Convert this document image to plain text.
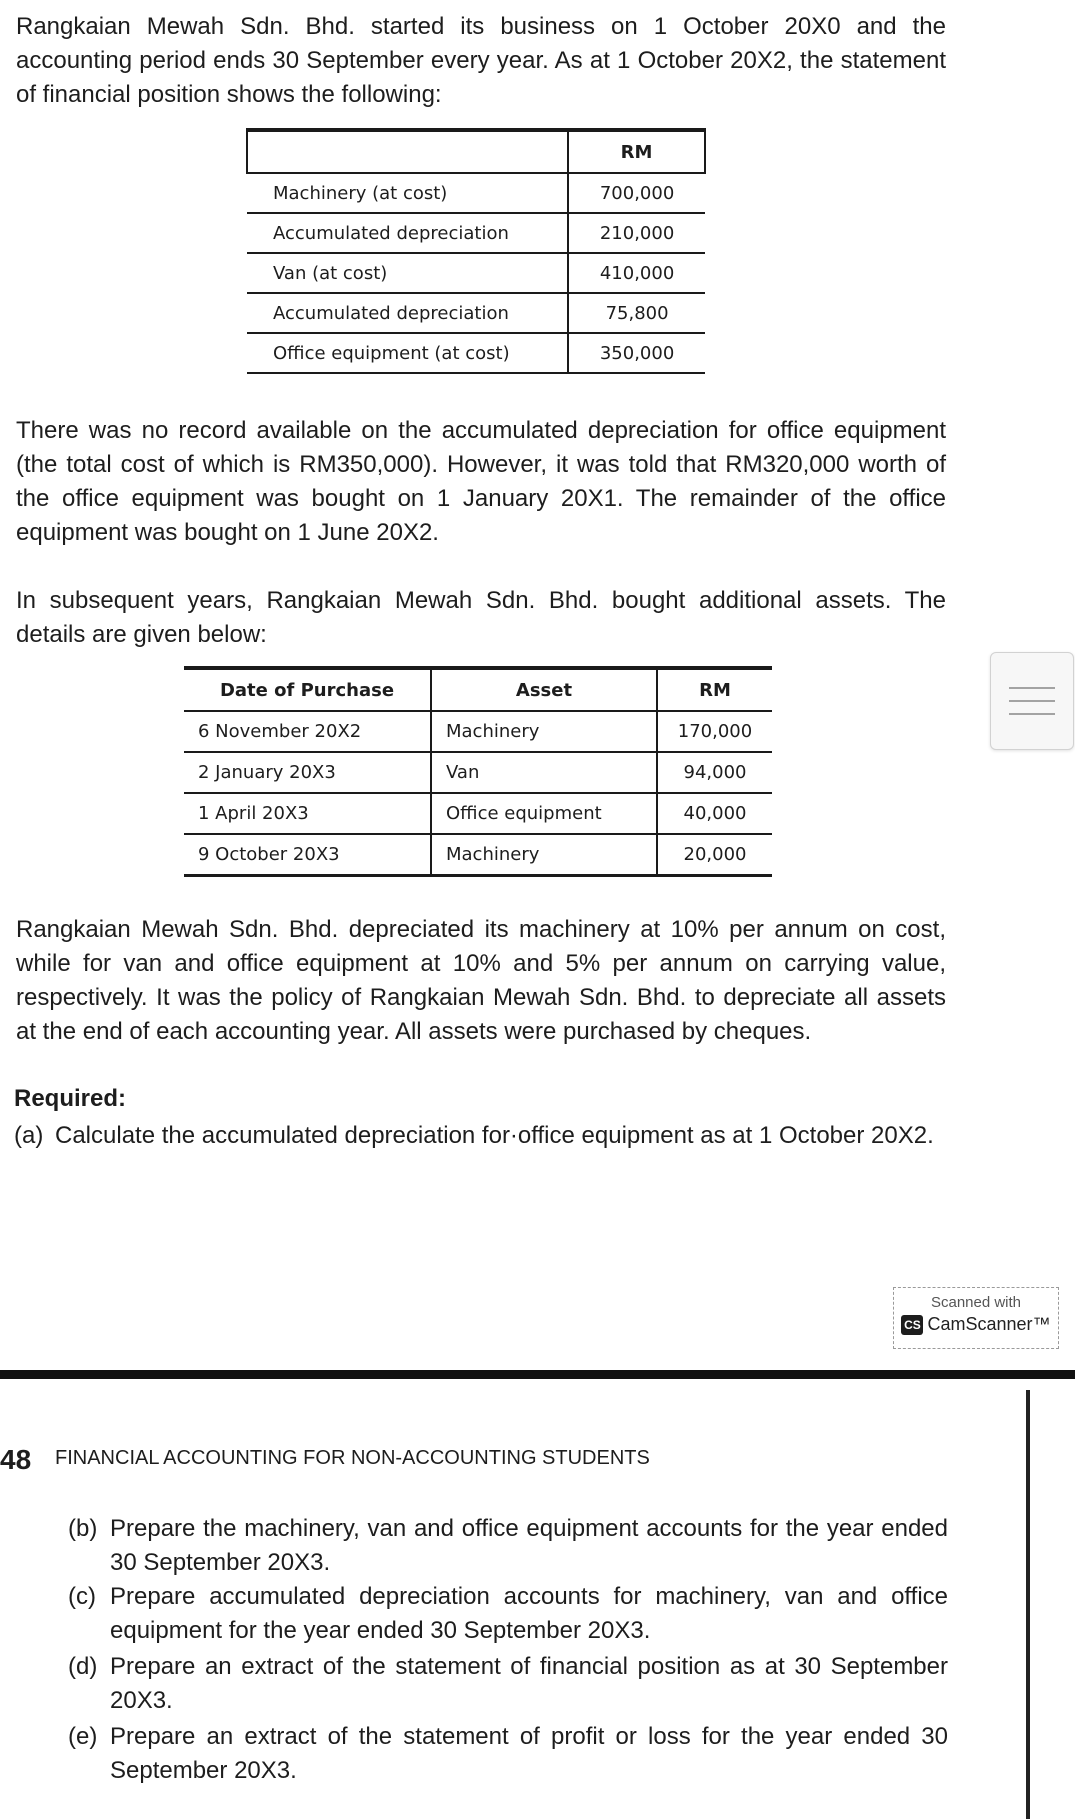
Rangkaian Mewah Sdn. Bhd. started its business on 1 October 20X0 and the accounting period ends 30 September every year. As at 1 October 20X2, the statement of financial position shows the following:

	RM
Machinery (at cost)	700,000
Accumulated depreciation	210,000
Van (at cost)	410,000
Accumulated depreciation	75,800
Office equipment (at cost)	350,000

There was no record available on the accumulated depreciation for office equipment (the total cost of which is RM350,000). However, it was told that RM320,000 worth of the office equipment was bought on 1 January 20X1. The remainder of the office equipment was bought on 1 June 20X2.

In subsequent years, Rangkaian Mewah Sdn. Bhd. bought additional assets. The details are given below:

Date of Purchase	Asset	RM
6 November 20X2	Machinery	170,000
2 January 20X3	Van	94,000
1 April 20X3	Office equipment	40,000
9 October 20X3	Machinery	20,000

Rangkaian Mewah Sdn. Bhd. depreciated its machinery at 10% per annum on cost, while for van and office equipment at 10% and 5% per annum on carrying value, respectively. It was the policy of Rangkaian Mewah Sdn. Bhd. to depreciate all assets at the end of each accounting year. All assets were purchased by cheques.

Required:

(a) Calculate the accumulated depreciation for·office equipment as at 1 October 20X2.
Scanned with
CS CamScanner™

48 FINANCIAL ACCOUNTING FOR NON-ACCOUNTING STUDENTS

(b) Prepare the machinery, van and office equipment accounts for the year ended 30 September 20X3.
(c) Prepare accumulated depreciation accounts for machinery, van and office equipment for the year ended 30 September 20X3.
(d) Prepare an extract of the statement of financial position as at 30 September 20X3.
(e) Prepare an extract of the statement of profit or loss for the year ended 30 September 20X3.
